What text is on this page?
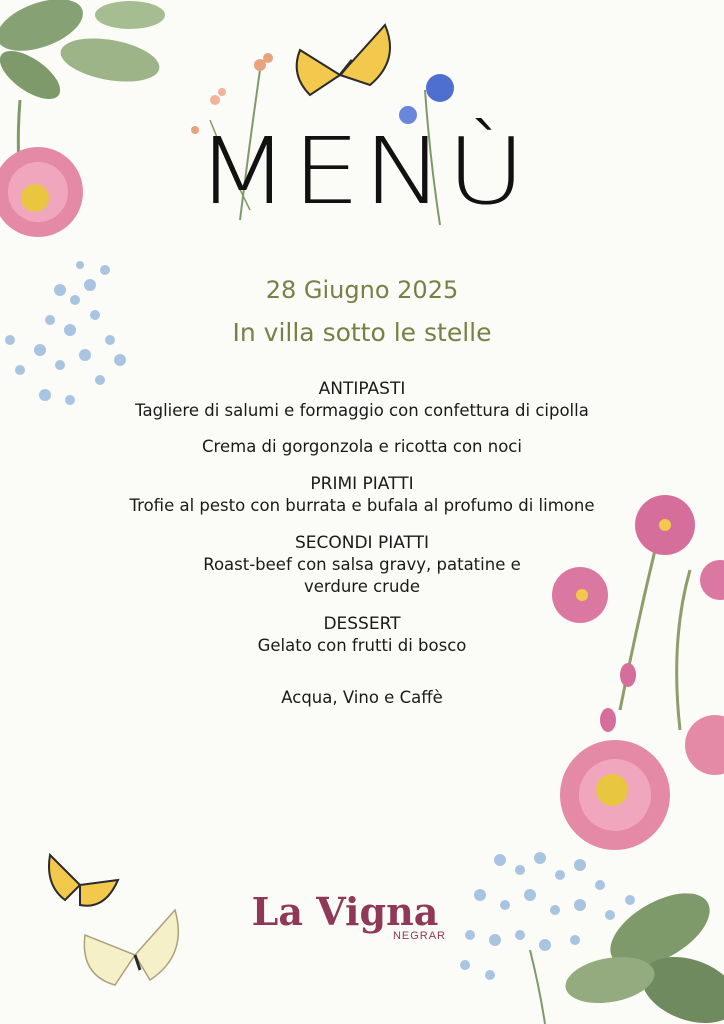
MENÙ
28 Giugno 2025
In villa sotto le stelle
ANTIPASTI
Tagliere di salumi e formaggio con confettura di cipolla
Crema di gorgonzola e ricotta con noci
PRIMI PIATTI
Trofie al pesto con burrata e bufala al profumo di limone
SECONDI PIATTI
Roast-beef con salsa gravy, patatine e
verdure crude
DESSERT
Gelato con frutti di bosco
Acqua, Vino e Caffè
La Vigna
NEGRAR
